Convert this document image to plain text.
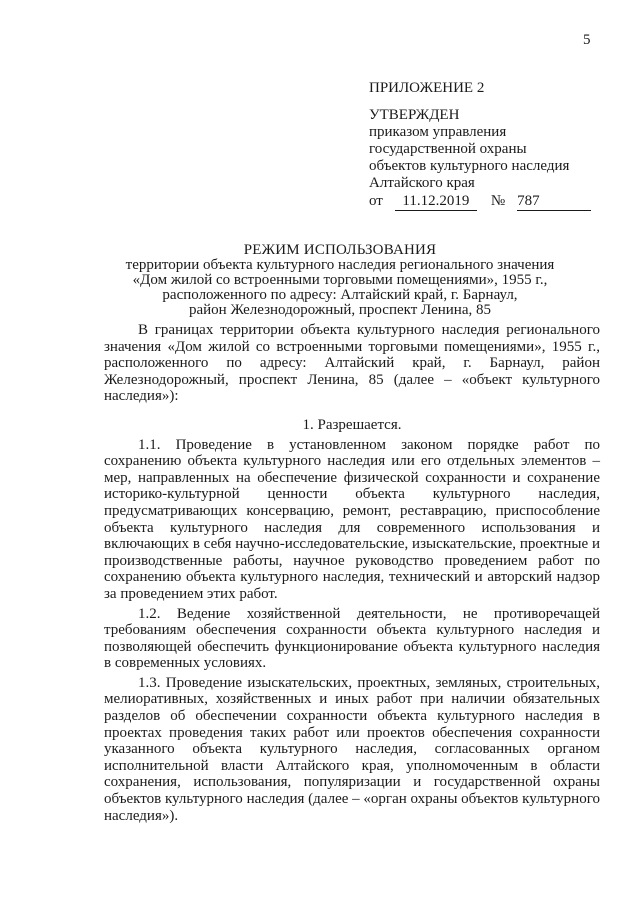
5
ПРИЛОЖЕНИЕ 2
УТВЕРЖДЕН
приказом управления
государственной охраны
объектов культурного наследия
Алтайского края
от	11.12.2019	№ 787
РЕЖИМ ИСПОЛЬЗОВАНИЯ
территории объекта культурного наследия регионального значения
«Дом жилой со встроенными торговыми помещениями», 1955 г.,
расположенного по адресу: Алтайский край, г. Барнаул,
район Железнодорожный, проспект Ленина, 85

В границах территории объекта культурного наследия регионального значения «Дом жилой со встроенными торговыми помещениями», 1955 г., расположенного по адресу: Алтайский край, г. Барнаул, район Железнодорожный, проспект Ленина, 85 (далее – «объект культурного наследия»):

1. Разрешается.

1.1. Проведение в установленном законом порядке работ по сохранению объекта культурного наследия или его отдельных элементов – мер, направленных на обеспечение физической сохранности и сохранение историко-культурной ценности объекта культурного наследия, предусматривающих консервацию, ремонт, реставрацию, приспособление объекта культурного наследия для современного использования и включающих в себя научно-исследовательские, изыскательские, проектные и производственные работы, научное руководство проведением работ по сохранению объекта культурного наследия, технический и авторский надзор за проведением этих работ.

1.2. Ведение хозяйственной деятельности, не противоречащей требованиям обеспечения сохранности объекта культурного наследия и позволяющей обеспечить функционирование объекта культурного наследия в современных условиях.

1.3. Проведение изыскательских, проектных, земляных, строительных, мелиоративных, хозяйственных и иных работ при наличии обязательных разделов об обеспечении сохранности объекта культурного наследия в проектах проведения таких работ или проектов обеспечения сохранности указанного объекта культурного наследия, согласованных органом исполнительной власти Алтайского края, уполномоченным в области сохранения, использования, популяризации и государственной охраны объектов культурного наследия (далее – «орган охраны объектов культурного наследия»).
